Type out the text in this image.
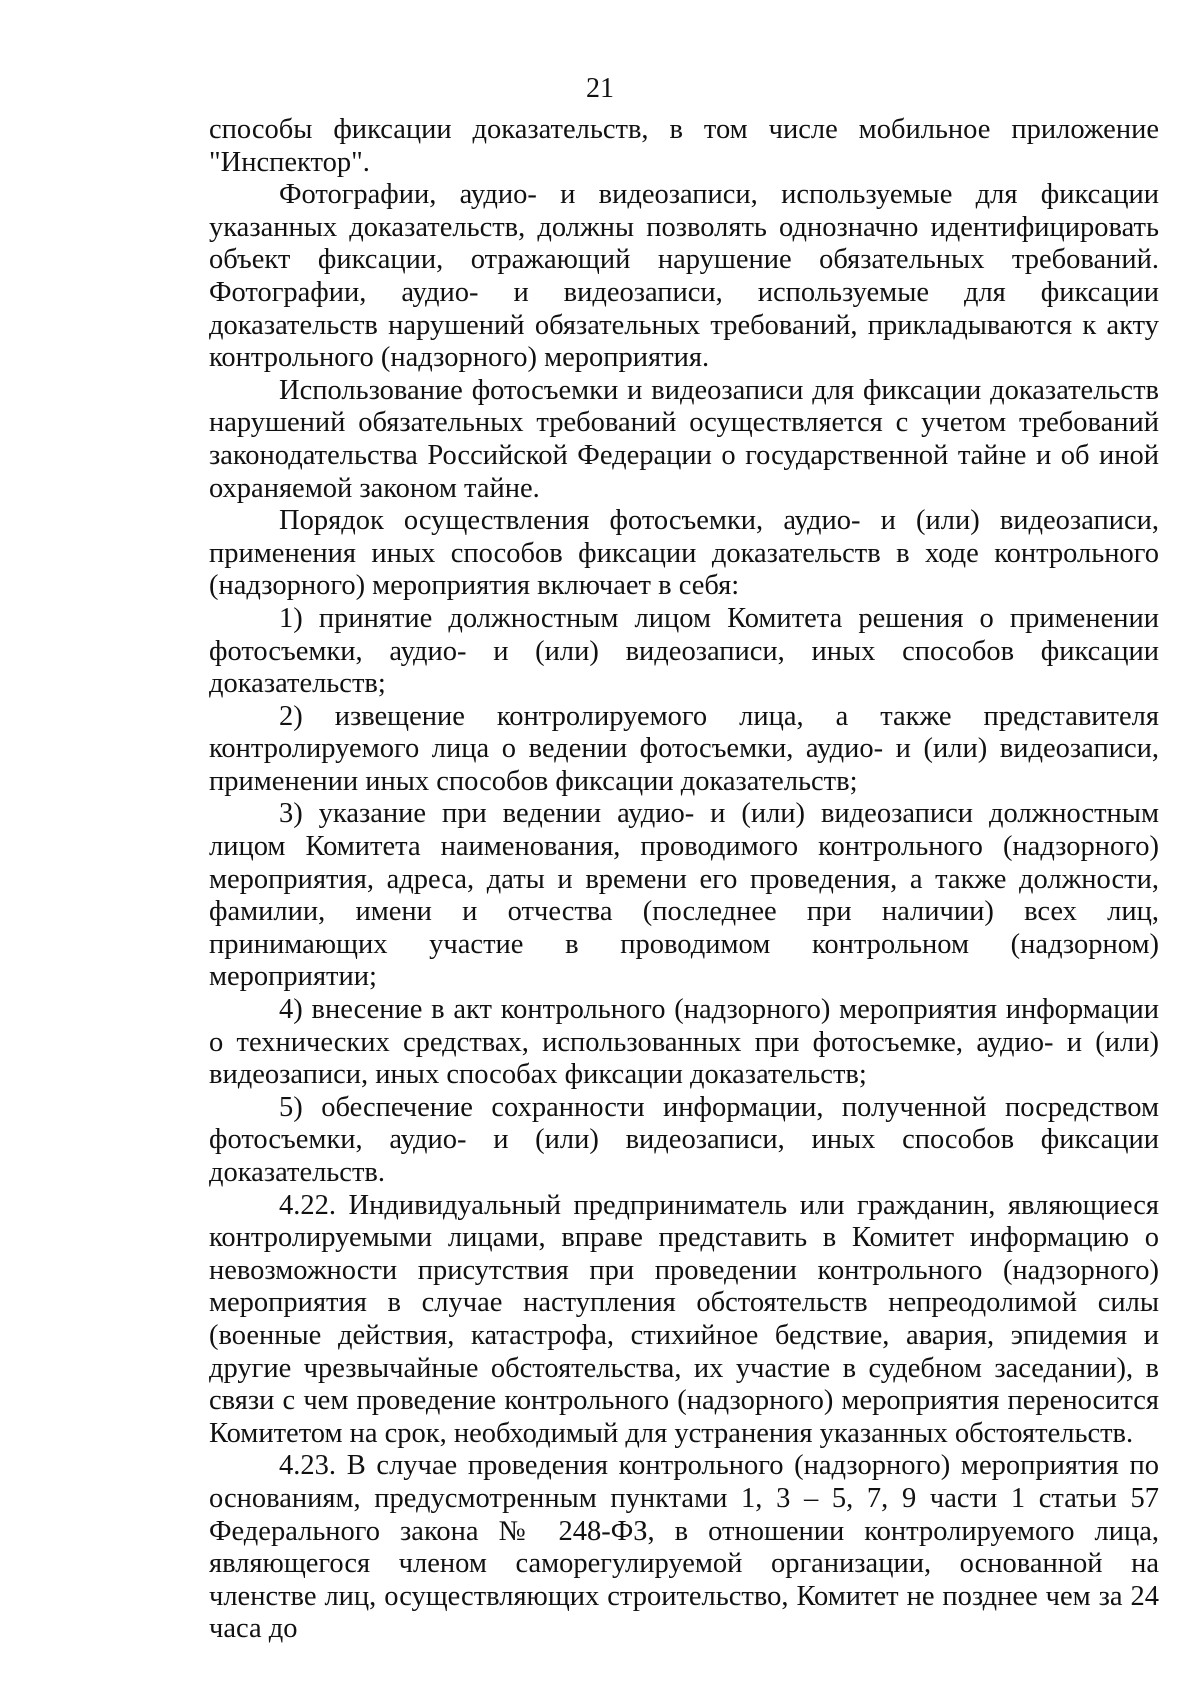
21

способы фиксации доказательств, в том числе мобильное приложение "Инспектор".

Фотографии, аудио- и видеозаписи, используемые для фиксации указанных доказательств, должны позволять однозначно идентифицировать объект фиксации, отражающий нарушение обязательных требований. Фотографии, аудио- и видеозаписи, используемые для фиксации доказательств нарушений обязательных требований, прикладываются к акту контрольного (надзорного) мероприятия.

Использование фотосъемки и видеозаписи для фиксации доказательств нарушений обязательных требований осуществляется с учетом требований законодательства Российской Федерации о государственной тайне и об иной охраняемой законом тайне.

Порядок осуществления фотосъемки, аудио- и (или) видеозаписи, применения иных способов фиксации доказательств в ходе контрольного (надзорного) мероприятия включает в себя:

1) принятие должностным лицом Комитета решения о применении фотосъемки, аудио- и (или) видеозаписи, иных способов фиксации доказательств;

2) извещение контролируемого лица, а также представителя контролируемого лица о ведении фотосъемки, аудио- и (или) видеозаписи, применении иных способов фиксации доказательств;

3) указание при ведении аудио- и (или) видеозаписи должностным лицом Комитета наименования, проводимого контрольного (надзорного) мероприятия, адреса, даты и времени его проведения, а также должности, фамилии, имени и отчества (последнее при наличии) всех лиц, принимающих участие в проводимом контрольном (надзорном) мероприятии;

4) внесение в акт контрольного (надзорного) мероприятия информации о технических средствах, использованных при фотосъемке, аудио- и (или) видеозаписи, иных способах фиксации доказательств;

5) обеспечение сохранности информации, полученной посредством фотосъемки, аудио- и (или) видеозаписи, иных способов фиксации доказательств.

4.22. Индивидуальный предприниматель или гражданин, являющиеся контролируемыми лицами, вправе представить в Комитет информацию о невозможности присутствия при проведении контрольного (надзорного) мероприятия в случае наступления обстоятельств непреодолимой силы (военные действия, катастрофа, стихийное бедствие, авария, эпидемия и другие чрезвычайные обстоятельства, их участие в судебном заседании), в связи с чем проведение контрольного (надзорного) мероприятия переносится Комитетом на срок, необходимый для устранения указанных обстоятельств.

4.23. В случае проведения контрольного (надзорного) мероприятия по основаниям, предусмотренным пунктами 1, 3 – 5, 7, 9 части 1 статьи 57 Федерального закона № 248-ФЗ, в отношении контролируемого лица, являющегося членом саморегулируемой организации, основанной на членстве лиц, осуществляющих строительство, Комитет не позднее чем за 24 часа до
